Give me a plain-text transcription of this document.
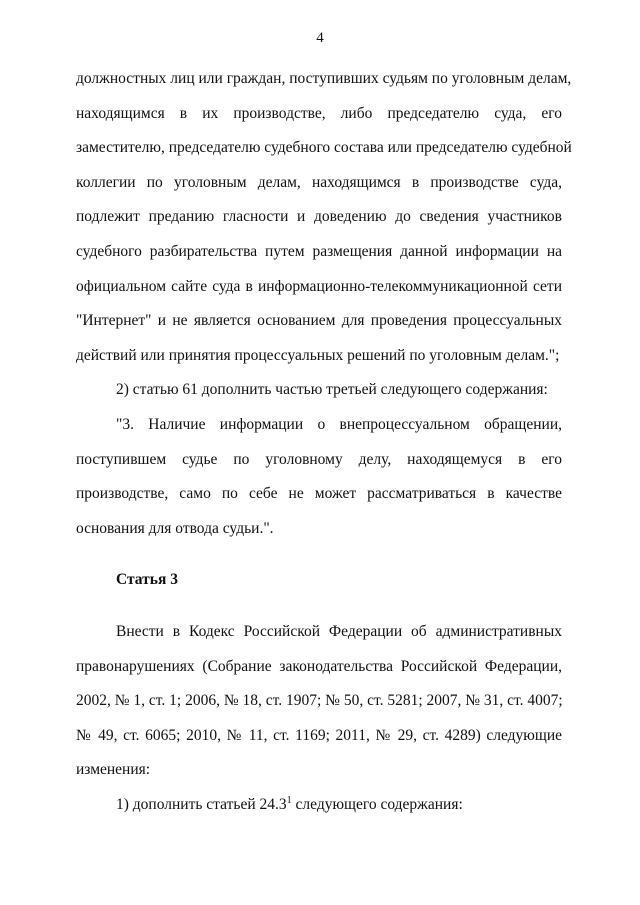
4
должностных лиц или граждан, поступивших судьям по уголовным делам,
находящимся в их производстве, либо председателю суда, его
заместителю, председателю судебного состава или председателю судебной
коллегии по уголовным делам, находящимся в производстве суда,
подлежит преданию гласности и доведению до сведения участников
судебного разбирательства путем размещения данной информации на
официальном сайте суда в информационно-телекоммуникационной сети
"Интернет" и не является основанием для проведения процессуальных
действий или принятия процессуальных решений по уголовным делам.";
2) статью 61 дополнить частью третьей следующего содержания:
"3. Наличие информации о внепроцессуальном обращении,
поступившем судье по уголовному делу, находящемуся в его
производстве, само по себе не может рассматриваться в качестве
основания для отвода судьи.".

Статья 3

Внести в Кодекс Российской Федерации об административных
правонарушениях (Собрание законодательства Российской Федерации,
2002, № 1, ст. 1; 2006, № 18, ст. 1907; № 50, ст. 5281; 2007, № 31, ст. 4007;
№ 49, ст. 6065; 2010, № 11, ст. 1169; 2011, № 29, ст. 4289) следующие
изменения:
1) дополнить статьей 24.3$^1$ следующего содержания:
